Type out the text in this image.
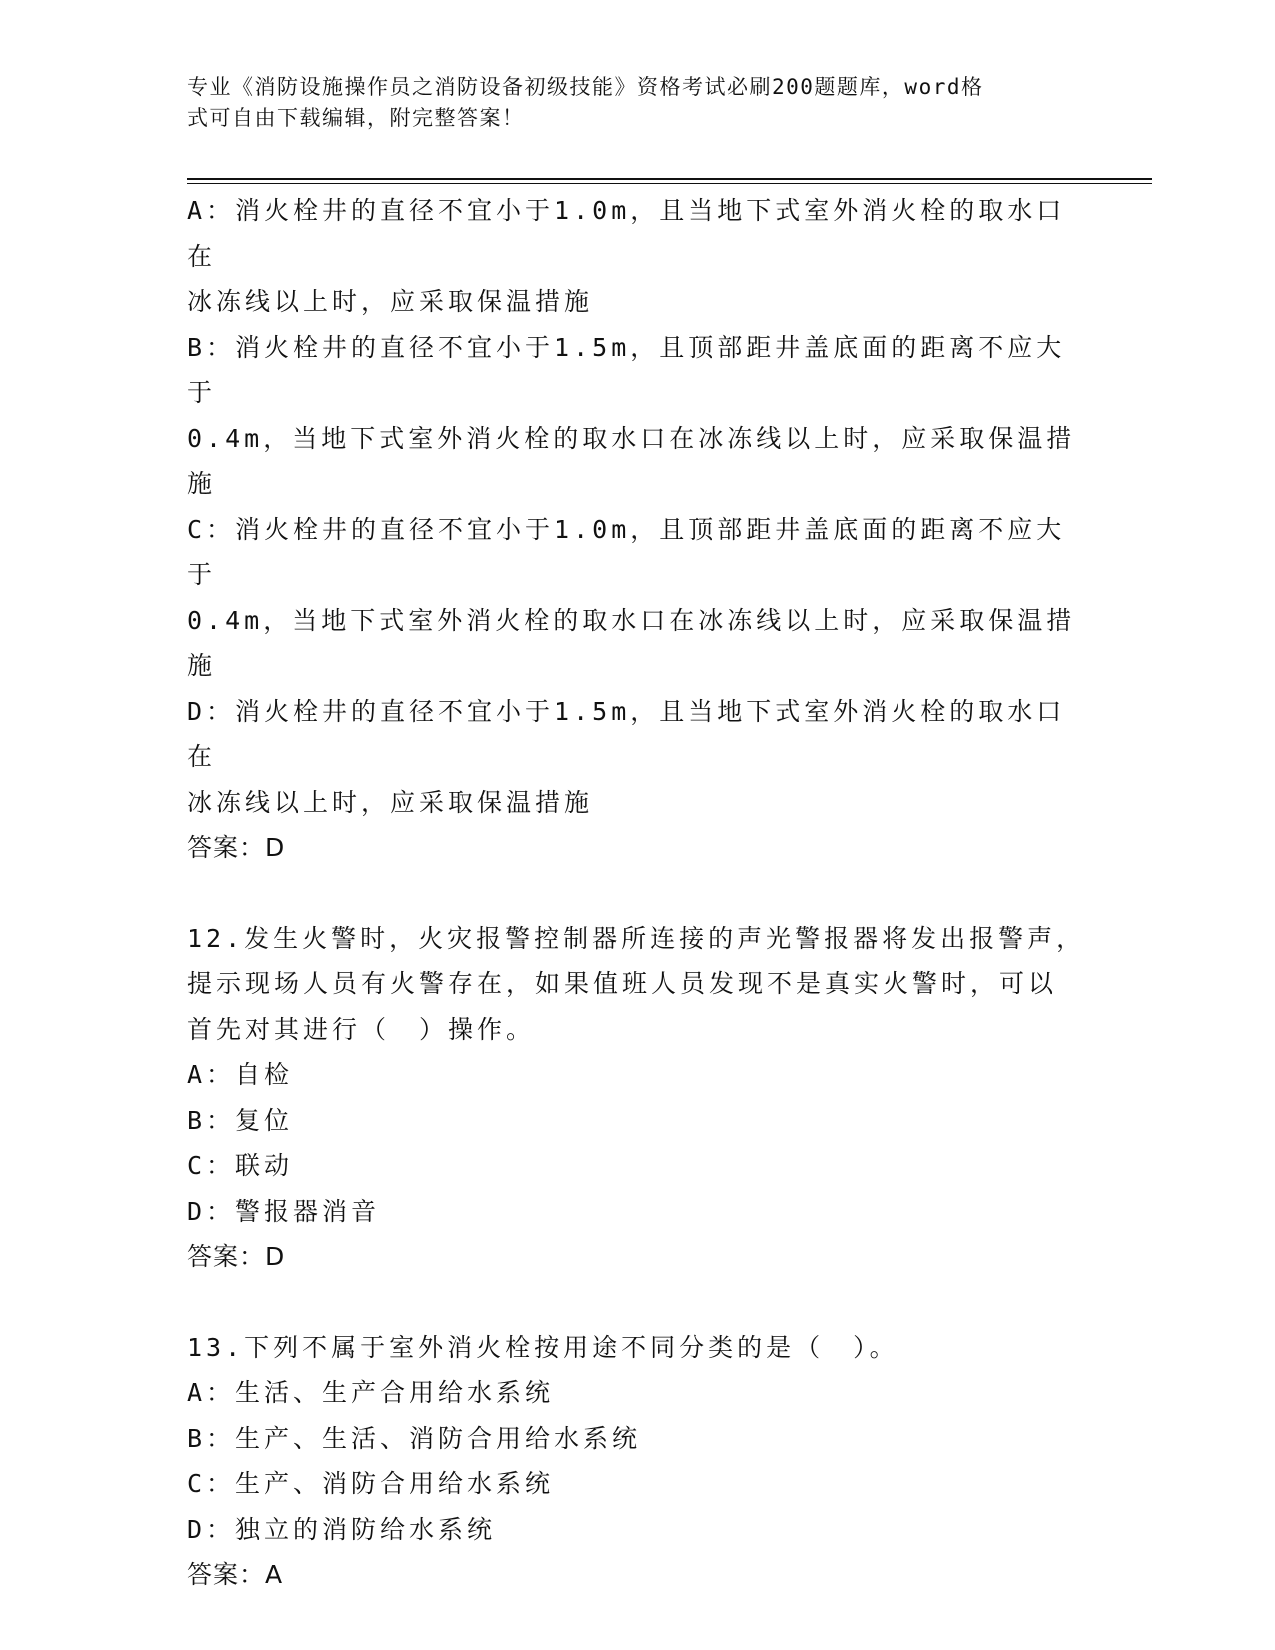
专业《消防设施操作员之消防设备初级技能》资格考试必刷200题题库，word格

式可自由下载编辑，附完整答案！

A：消火栓井的直径不宜小于1.0m，且当地下式室外消火栓的取水口在

冰冻线以上时，应采取保温措施

B：消火栓井的直径不宜小于1.5m，且顶部距井盖底面的距离不应大于

0.4m，当地下式室外消火栓的取水口在冰冻线以上时，应采取保温措

施

C：消火栓井的直径不宜小于1.0m，且顶部距井盖底面的距离不应大于

0.4m，当地下式室外消火栓的取水口在冰冻线以上时，应采取保温措

施

D：消火栓井的直径不宜小于1.5m，且当地下式室外消火栓的取水口在

冰冻线以上时，应采取保温措施

答案：D

12.发生火警时，火灾报警控制器所连接的声光警报器将发出报警声，

提示现场人员有火警存在，如果值班人员发现不是真实火警时，可以

首先对其进行（　）操作。

A：自检

B：复位

C：联动

D：警报器消音

答案：D

13.下列不属于室外消火栓按用途不同分类的是（　）。

A：生活、生产合用给水系统

B：生产、生活、消防合用给水系统

C：生产、消防合用给水系统

D：独立的消防给水系统

答案：A
